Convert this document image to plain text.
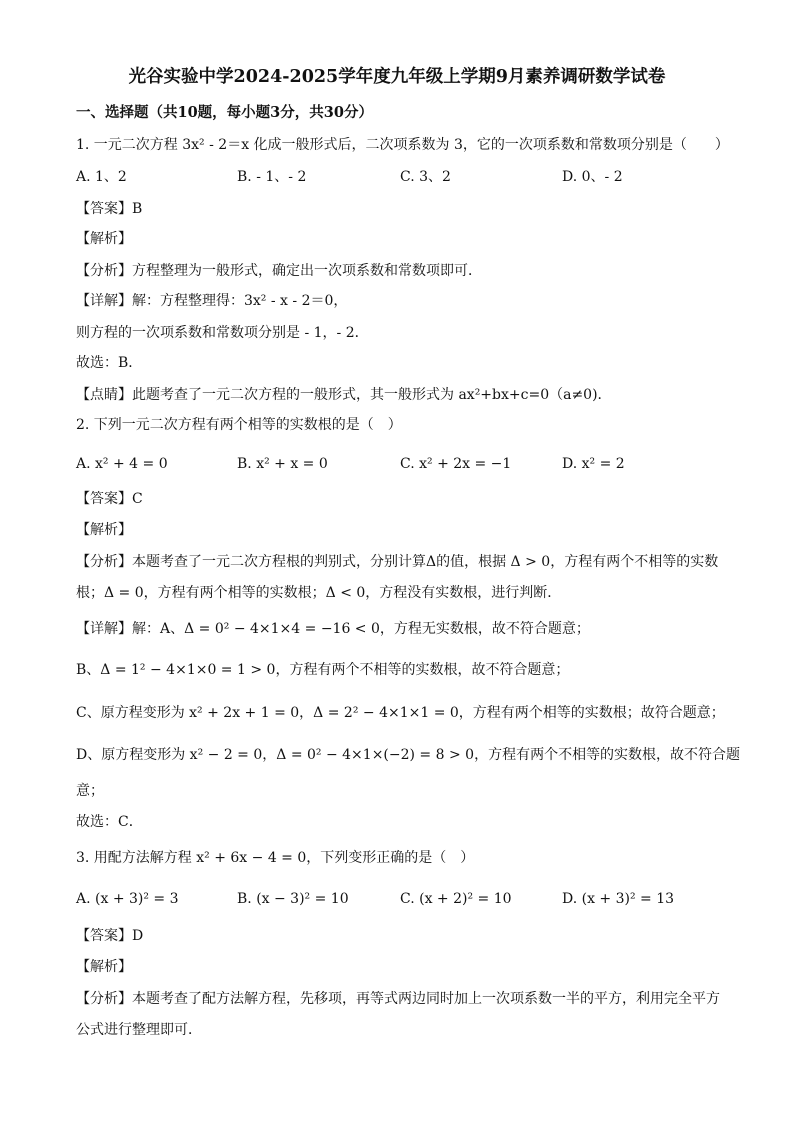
光谷实验中学2024-2025学年度九年级上学期9月素养调研数学试卷
一、选择题（共10题，每小题3分，共30分）
1. 一元二次方程 3x² - 2＝x 化成一般形式后，二次项系数为 3，它的一次项系数和常数项分别是（　　）
A. 1、2	B. - 1、- 2	C. 3、2	D. 0、- 2
【答案】B
【解析】
【分析】方程整理为一般形式，确定出一次项系数和常数项即可．
【详解】解：方程整理得：3x² - x - 2＝0，
则方程的一次项系数和常数项分别是 - 1，- 2．
故选：B．
【点睛】此题考查了一元二次方程的一般形式，其一般形式为 ax²+bx+c=0（a≠0)．
2. 下列一元二次方程有两个相等的实数根的是（　）
A. x² + 4 = 0	B. x² + x = 0	C. x² + 2x = −1	D. x² = 2
【答案】C
【解析】
【分析】本题考查了一元二次方程根的判别式，分别计算Δ的值，根据 Δ > 0，方程有两个不相等的实数
根；Δ = 0，方程有两个相等的实数根；Δ < 0，方程没有实数根，进行判断．
【详解】解：A、Δ = 0² − 4×1×4 = −16 < 0，方程无实数根，故不符合题意；
B、Δ = 1² − 4×1×0 = 1 > 0，方程有两个不相等的实数根，故不符合题意；
C、原方程变形为 x² + 2x + 1 = 0，Δ = 2² − 4×1×1 = 0，方程有两个相等的实数根；故符合题意；
D、原方程变形为 x² − 2 = 0，Δ = 0² − 4×1×(−2) = 8 > 0，方程有两个不相等的实数根，故不符合题
意；
故选：C．
3. 用配方法解方程 x² + 6x − 4 = 0，下列变形正确的是（　）
A. (x + 3)² = 3	B. (x − 3)² = 10	C. (x + 2)² = 10	D. (x + 3)² = 13
【答案】D
【解析】
【分析】本题考查了配方法解方程，先移项，再等式两边同时加上一次项系数一半的平方，利用完全平方
公式进行整理即可．
